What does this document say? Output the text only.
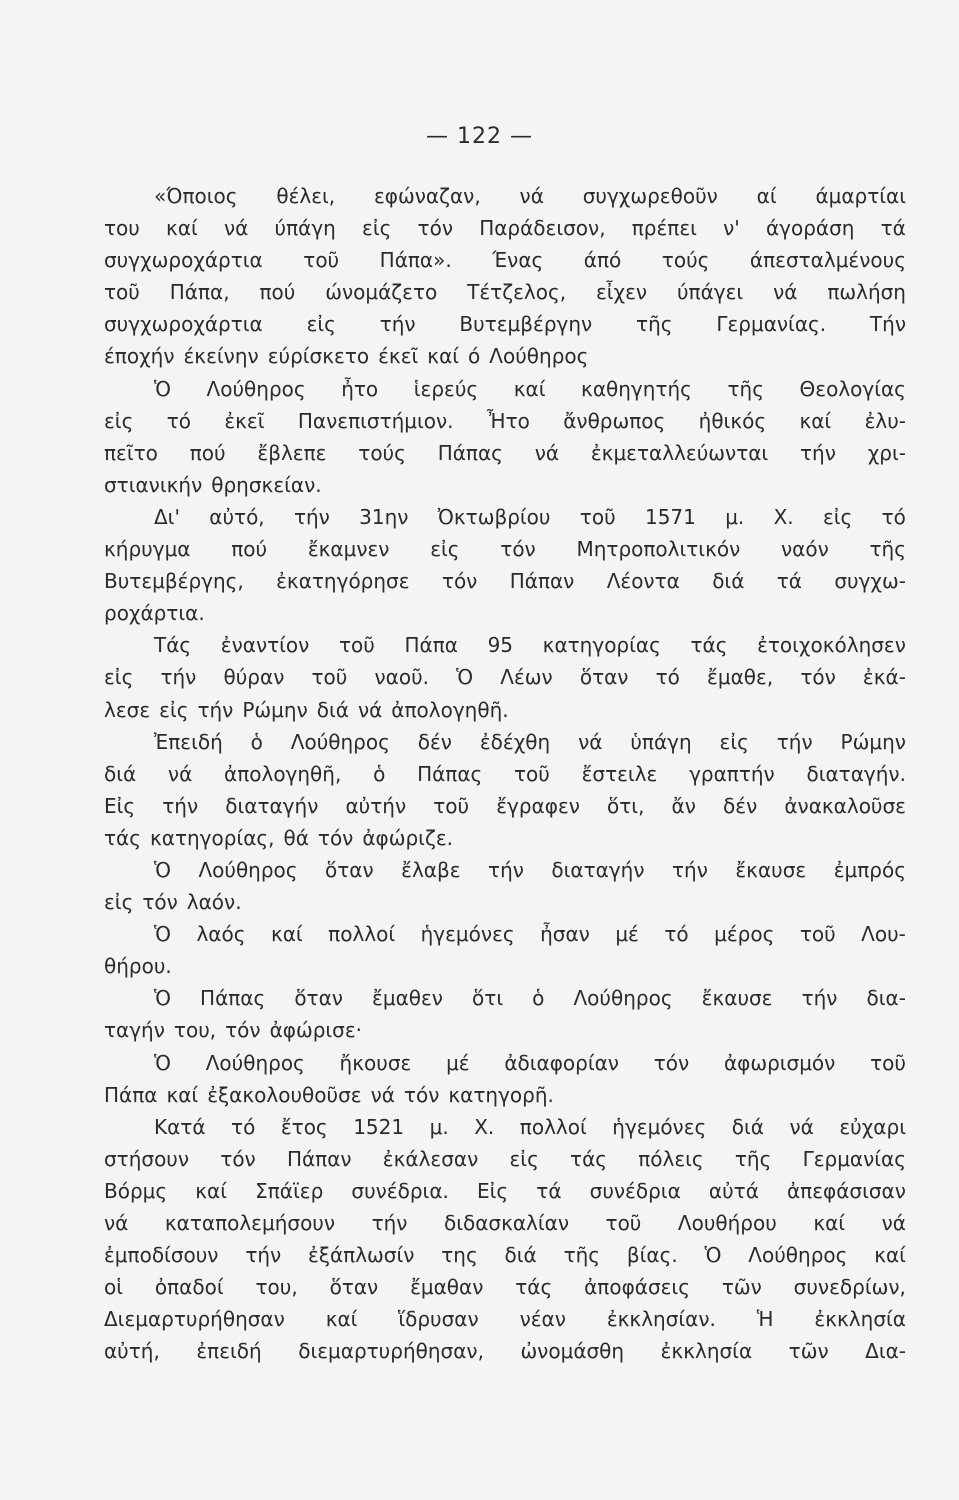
— 122 —
«Όποιος θέλει, εφώναζαν, νά συγχωρεθοῦν αί άμαρτίαι
του καί νά ύπάγη εἰς τόν Παράδεισον, πρέπει ν' άγοράση τά
συγχωροχάρτια τοῦ Πάπα». Ένας άπό τούς άπεσταλμένους
τοῦ Πάπα, πού ώνομάζετο Τέτζελος, εἶχεν ύπάγει νά πωλήση
συγχωροχάρτια εἰς τήν Βυτεμβέργην τῆς Γερμανίας. Τήν
έποχήν έκείνην εύρίσκετο έκεῖ καί ό Λούθηρος
Ὁ Λούθηρος ἦτο ἱερεύς καί καθηγητής τῆς Θεολογίας
εἰς τό ἐκεῖ Πανεπιστήμιον. Ἦτο ἄνθρωπος ἠθικός καί ἐλυ-
πεῖτο πού ἔβλεπε τούς Πάπας νά ἐκμεταλλεύωνται τήν χρι-
στιανικήν θρησκείαν.
Δι' αὐτό, τήν 31ην Ὀκτωβρίου τοῦ 1571 μ. Χ. εἰς τό
κήρυγμα πού ἔκαμνεν εἰς τόν Μητροπολιτικόν ναόν τῆς
Βυτεμβέργης, ἐκατηγόρησε τόν Πάπαν Λέοντα διά τά συγχω-
ροχάρτια.
Τάς ἐναντίον τοῦ Πάπα 95 κατηγορίας τάς ἐτοιχοκόλησεν
εἰς τήν θύραν τοῦ ναοῦ. Ὁ Λέων ὅταν τό ἔμαθε, τόν ἐκά-
λεσε εἰς τήν Ρώμην διά νά ἀπολογηθῆ.
Ἐπειδή ὁ Λούθηρος δέν ἐδέχθη νά ὑπάγη εἰς τήν Ρώμην
διά νά ἀπολογηθῆ, ὁ Πάπας τοῦ ἔστειλε γραπτήν διαταγήν.
Εἰς τήν διαταγήν αὐτήν τοῦ ἔγραφεν ὅτι, ἄν δέν ἀνακαλοῦσε
τάς κατηγορίας, θά τόν ἀφώριζε.
Ὁ Λούθηρος ὅταν ἔλαβε τήν διαταγήν τήν ἔκαυσε ἐμπρός
εἰς τόν λαόν.
Ὁ λαός καί πολλοί ἡγεμόνες ἦσαν μέ τό μέρος τοῦ Λου-
θήρου.
Ὁ Πάπας ὅταν ἔμαθεν ὅτι ὁ Λούθηρος ἔκαυσε τήν δια-
ταγήν του, τόν ἀφώρισε·
Ὁ Λούθηρος ἤκουσε μέ ἀδιαφορίαν τόν ἀφωρισμόν τοῦ
Πάπα καί ἐξακολουθοῦσε νά τόν κατηγορῆ.
Κατά τό ἔτος 1521 μ. Χ. πολλοί ἡγεμόνες διά νά εὐχαρι
στήσουν τόν Πάπαν ἐκάλεσαν εἰς τάς πόλεις τῆς Γερμανίας
Βόρμς καί Σπάϊερ συνέδρια. Εἰς τά συνέδρια αὐτά ἀπεφάσισαν
νά καταπολεμήσουν τήν διδασκαλίαν τοῦ Λουθήρου καί νά
ἐμποδίσουν τήν ἐξάπλωσίν της διά τῆς βίας. Ὁ Λούθηρος καί
οἱ ὀπαδοί του, ὅταν ἔμαθαν τάς ἀποφάσεις τῶν συνεδρίων,
Διεμαρτυρήθησαν καί ἵδρυσαν νέαν ἐκκλησίαν. Ἡ ἐκκλησία
αὐτή, ἐπειδή διεμαρτυρήθησαν, ὠνομάσθη ἐκκλησία τῶν Δια-
